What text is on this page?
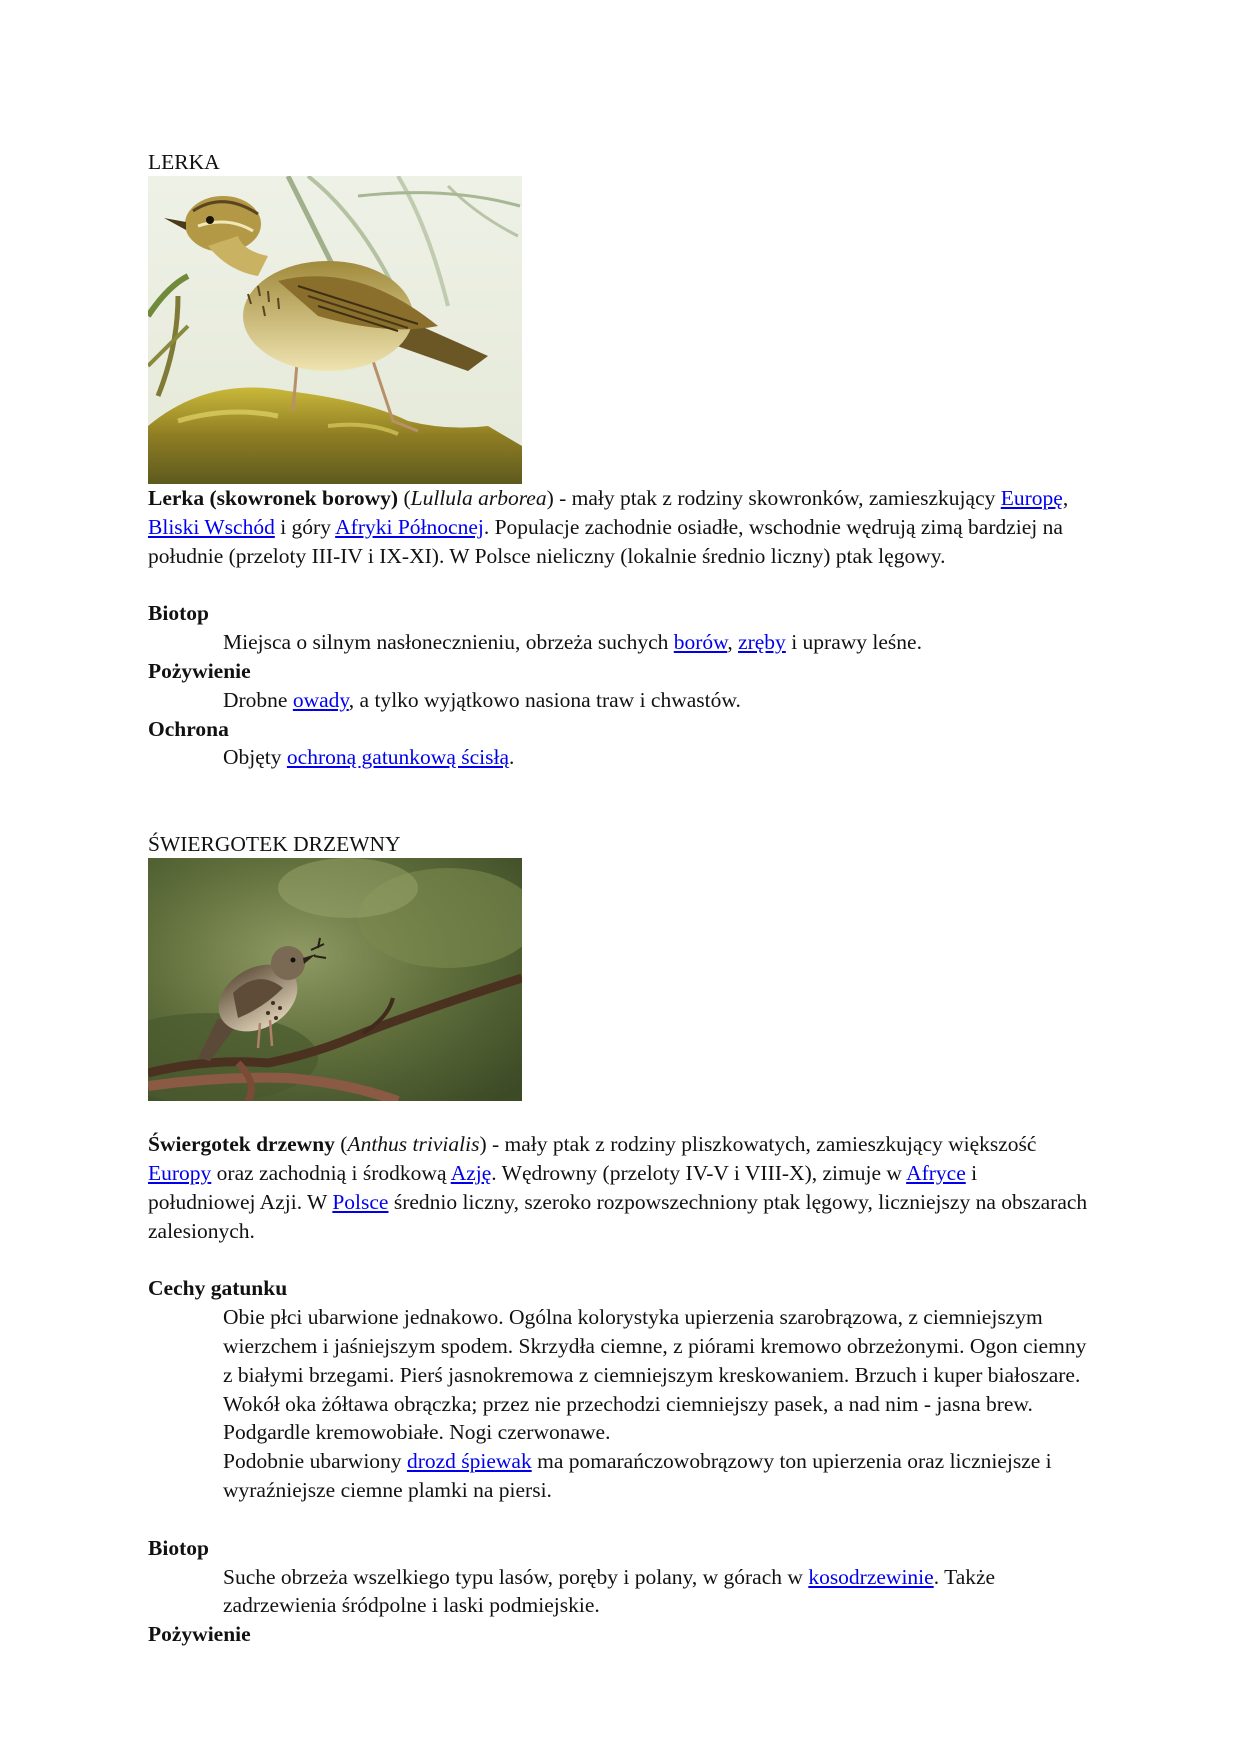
LERKA

Lerka (skowronek borowy) (Lullula arborea) - mały ptak z rodziny skowronków, zamieszkujący Europę, Bliski Wschód i góry Afryki Północnej. Populacje zachodnie osiadłe, wschodnie wędrują zimą bardziej na południe (przeloty III-IV i IX-XI). W Polsce nieliczny (lokalnie średnio liczny) ptak lęgowy.

Biotop

Miejsca o silnym nasłonecznieniu, obrzeża suchych borów, zręby i uprawy leśne.

Pożywienie

Drobne owady, a tylko wyjątkowo nasiona traw i chwastów.

Ochrona

Objęty ochroną gatunkową ścisłą.

ŚWIERGOTEK DRZEWNY

Świergotek drzewny (Anthus trivialis) - mały ptak z rodziny pliszkowatych, zamieszkujący większość Europy oraz zachodnią i środkową Azję. Wędrowny (przeloty IV-V i VIII-X), zimuje w Afryce i południowej Azji. W Polsce średnio liczny, szeroko rozpowszechniony ptak lęgowy, liczniejszy na obszarach zalesionych.

Cechy gatunku

Obie płci ubarwione jednakowo. Ogólna kolorystyka upierzenia szarobrązowa, z ciemniejszym wierzchem i jaśniejszym spodem. Skrzydła ciemne, z piórami kremowo obrzeżonymi. Ogon ciemny z białymi brzegami. Pierś jasnokremowa z ciemniejszym kreskowaniem. Brzuch i kuper białoszare. Wokół oka żółtawa obrączka; przez nie przechodzi ciemniejszy pasek, a nad nim - jasna brew. Podgardle kremowobiałe. Nogi czerwonawe.

Podobnie ubarwiony drozd śpiewak ma pomarańczowobrązowy ton upierzenia oraz liczniejsze i wyraźniejsze ciemne plamki na piersi.

Biotop

Suche obrzeża wszelkiego typu lasów, poręby i polany, w górach w kosodrzewinie. Także zadrzewienia śródpolne i laski podmiejskie.

Pożywienie
